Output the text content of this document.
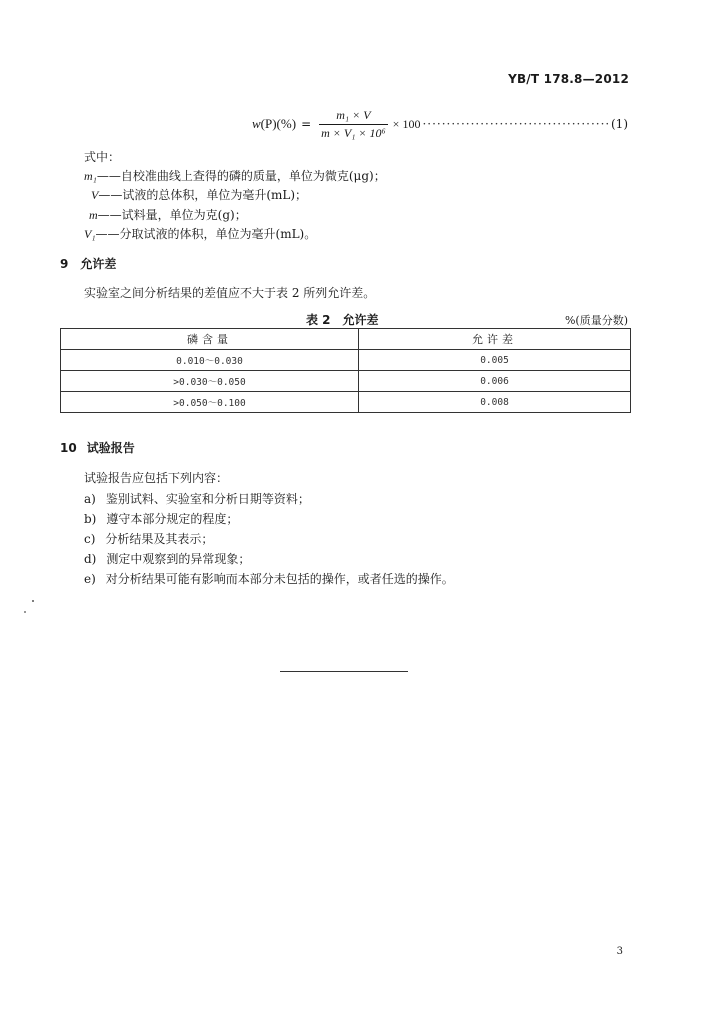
YB/T 178.8—2012
$w(P)(\%) = \frac{\text{m₁ × V}}{\text{m × V₁ × 10⁶}} \times 100$ ······································· (1)
式中：
m₁——自校准曲线上查得的磷的质量，单位为微克(μg)；
V——试液的总体积，单位为毫升(mL)；
m——试料量，单位为克(g)；
V₁——分取试液的体积，单位为毫升(mL)。
9 允许差
实验室之间分析结果的差值应不大于表 2 所列允许差。
表 2　允许差	%(质量分数)
磷含量	允许差
0.010～0.030	0.005
>0.030～0.050	0.006
>0.050～0.100	0.008
10 试验报告
试验报告应包括下列内容：
a) 鉴别试料、实验室和分析日期等资料；
b) 遵守本部分规定的程度；
c) 分析结果及其表示；
d) 测定中观察到的异常现象；
e) 对分析结果可能有影响而本部分未包括的操作，或者任选的操作。
3
